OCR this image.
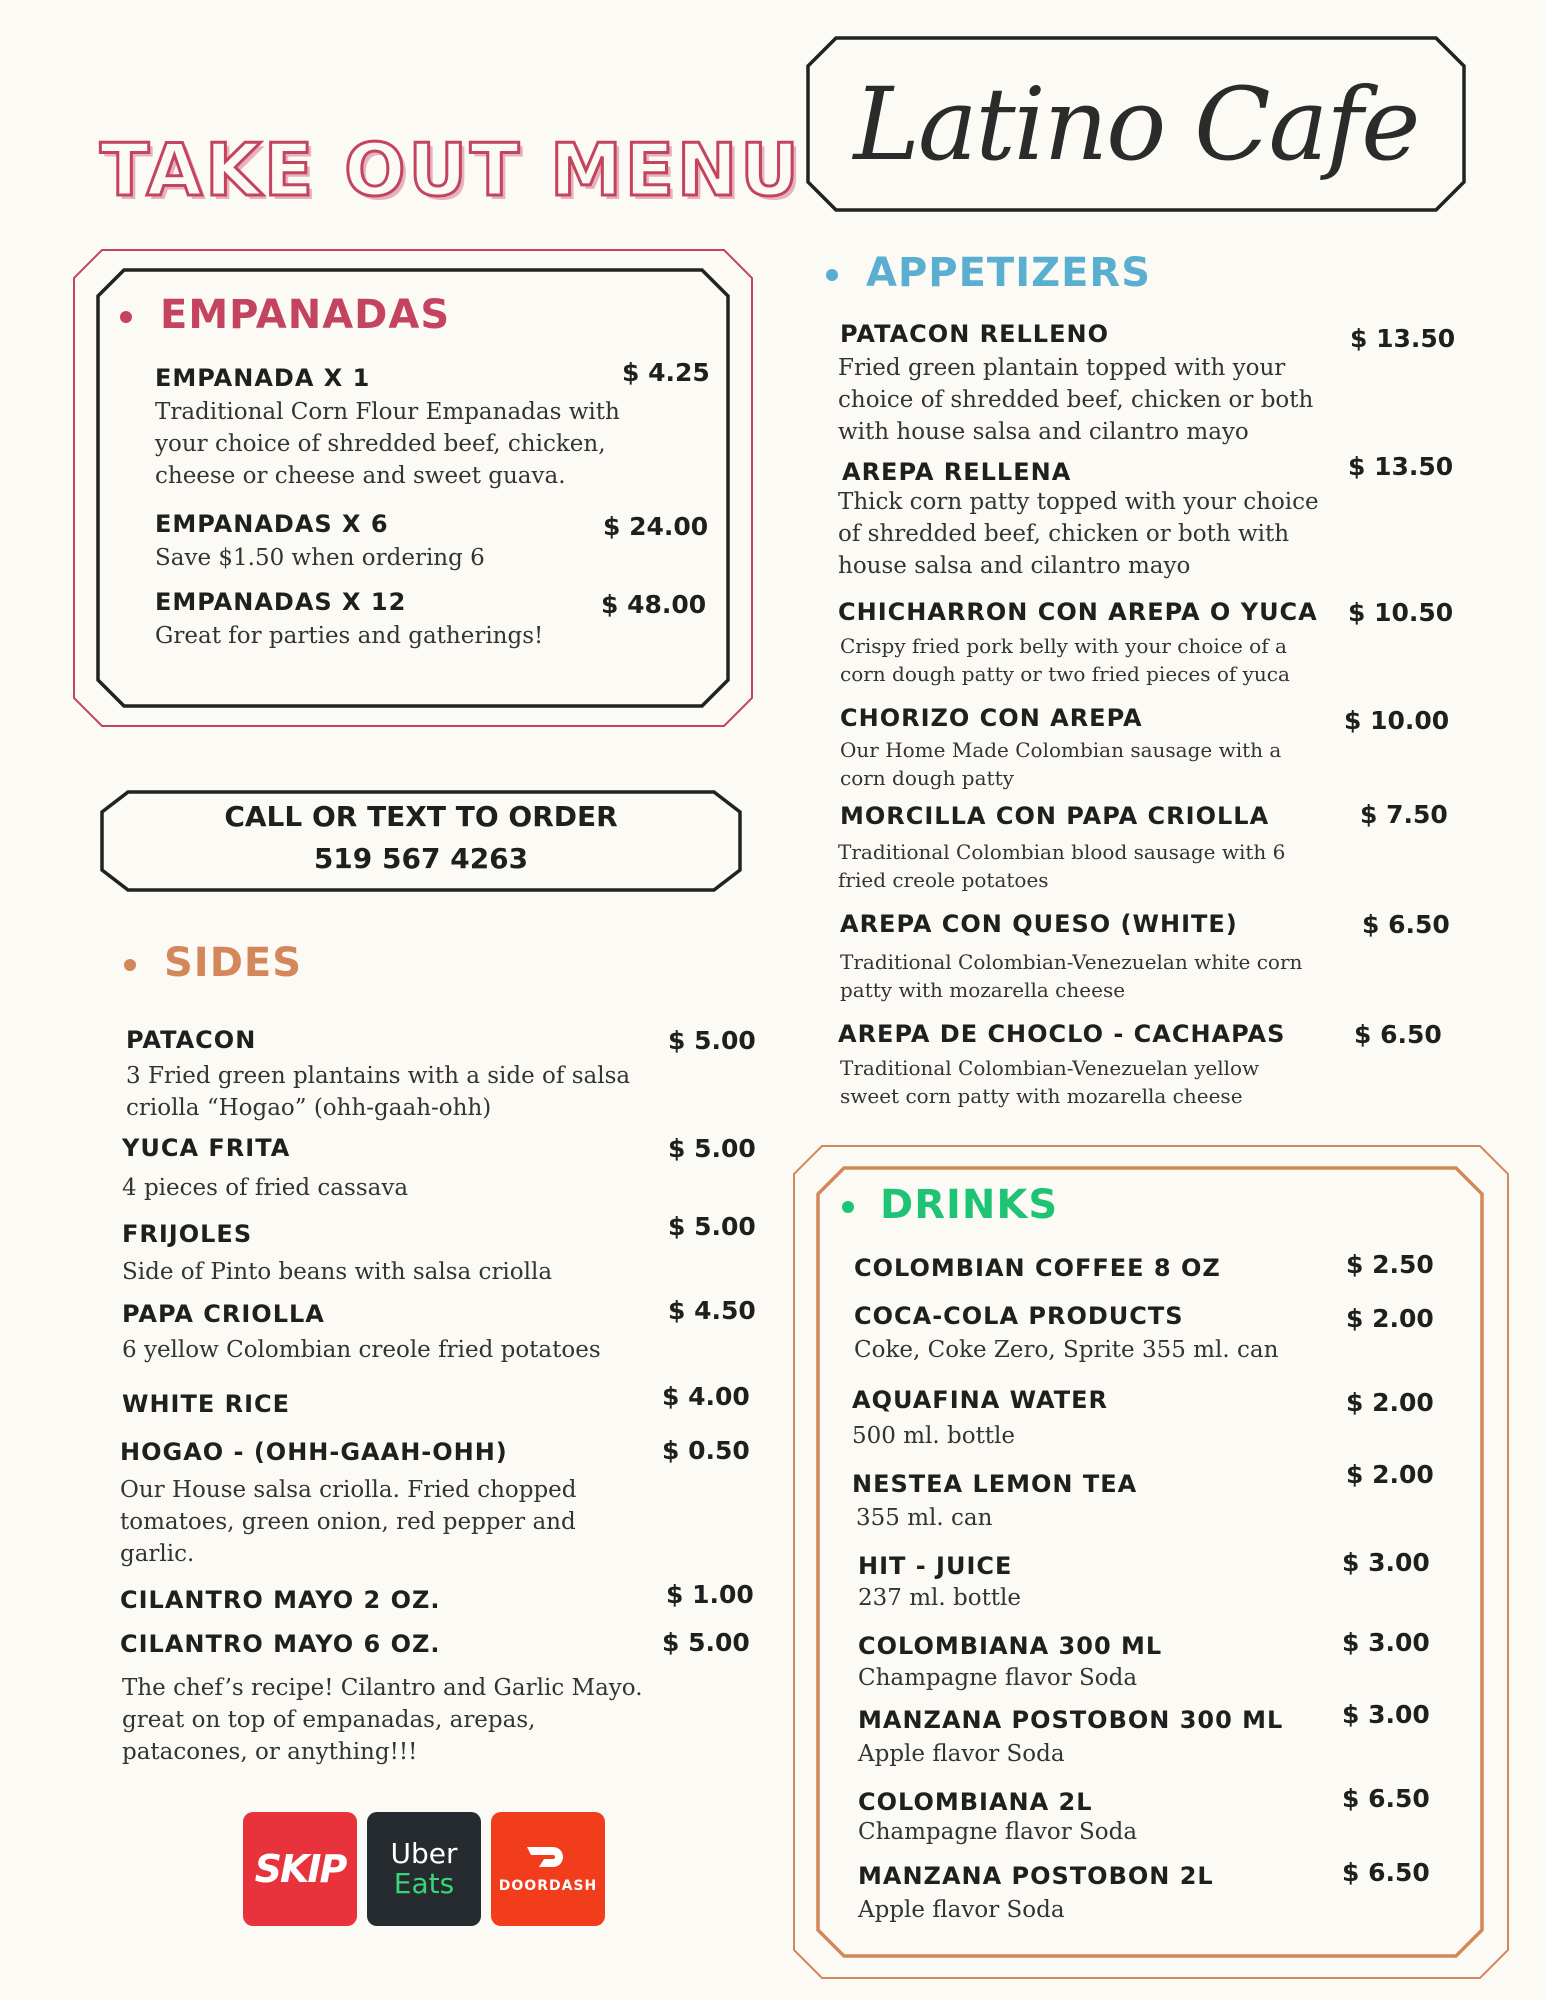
TAKE OUT MENU Latino Cafe
EMPANADAS
EMPANADA X 1	$ 4.25
Traditional Corn Flour Empanadas with your choice of shredded beef, chicken, cheese or cheese and sweet guava.
EMPANADAS X 6	$ 24.00
Save $1.50 when ordering 6
EMPANADAS X 12	$ 48.00
Great for parties and gatherings!
CALL OR TEXT TO ORDER
519 567 4263
SIDES
PATACON	$ 5.00
3 Fried green plantains with a side of salsa criolla “Hogao” (ohh-gaah-ohh)
YUCA FRITA	$ 5.00
4 pieces of fried cassava
FRIJOLES	$ 5.00
Side of Pinto beans with salsa criolla
PAPA CRIOLLA	$ 4.50
6 yellow Colombian creole fried potatoes
WHITE RICE	$ 4.00
HOGAO - (OHH-GAAH-OHH)	$ 0.50
Our House salsa criolla. Fried chopped tomatoes, green onion, red pepper and garlic.
CILANTRO MAYO 2 OZ.	$ 1.00
CILANTRO MAYO 6 OZ.	$ 5.00
The chef’s recipe! Cilantro and Garlic Mayo. great on top of empanadas, arepas, patacones, or anything!!!
SKIP Uber
Eats	DOORDASH
APPETIZERS
PATACON RELLENO	$ 13.50
Fried green plantain topped with your choice of shredded beef, chicken or both with house salsa and cilantro mayo
AREPA RELLENA	$ 13.50
Thick corn patty topped with your choice of shredded beef, chicken or both with house salsa and cilantro mayo
CHICHARRON CON AREPA O YUCA $ 10.50
Crispy fried pork belly with your choice of a corn dough patty or two fried pieces of yuca
CHORIZO CON AREPA	$ 10.00
Our Home Made Colombian sausage with a corn dough patty
MORCILLA CON PAPA CRIOLLA	$ 7.50
Traditional Colombian blood sausage with 6 fried creole potatoes
AREPA CON QUESO (WHITE)	$ 6.50
Traditional Colombian-Venezuelan white corn patty with mozarella cheese
AREPA DE CHOCLO - CACHAPAS	$ 6.50
Traditional Colombian-Venezuelan yellow sweet corn patty with mozarella cheese
DRINKS
COLOMBIAN COFFEE 8 OZ	$ 2.50
COCA-COLA PRODUCTS	$ 2.00
Coke, Coke Zero, Sprite 355 ml. can
AQUAFINA WATER	$ 2.00
500 ml. bottle
NESTEA LEMON TEA	$ 2.00
355 ml. can
HIT - JUICE	$ 3.00
237 ml. bottle
COLOMBIANA 300 ML	$ 3.00
Champagne flavor Soda
MANZANA POSTOBON 300 ML $ 3.00
Apple flavor Soda
COLOMBIANA 2L	$ 6.50
Champagne flavor Soda
MANZANA POSTOBON 2L	$ 6.50
Apple flavor Soda
